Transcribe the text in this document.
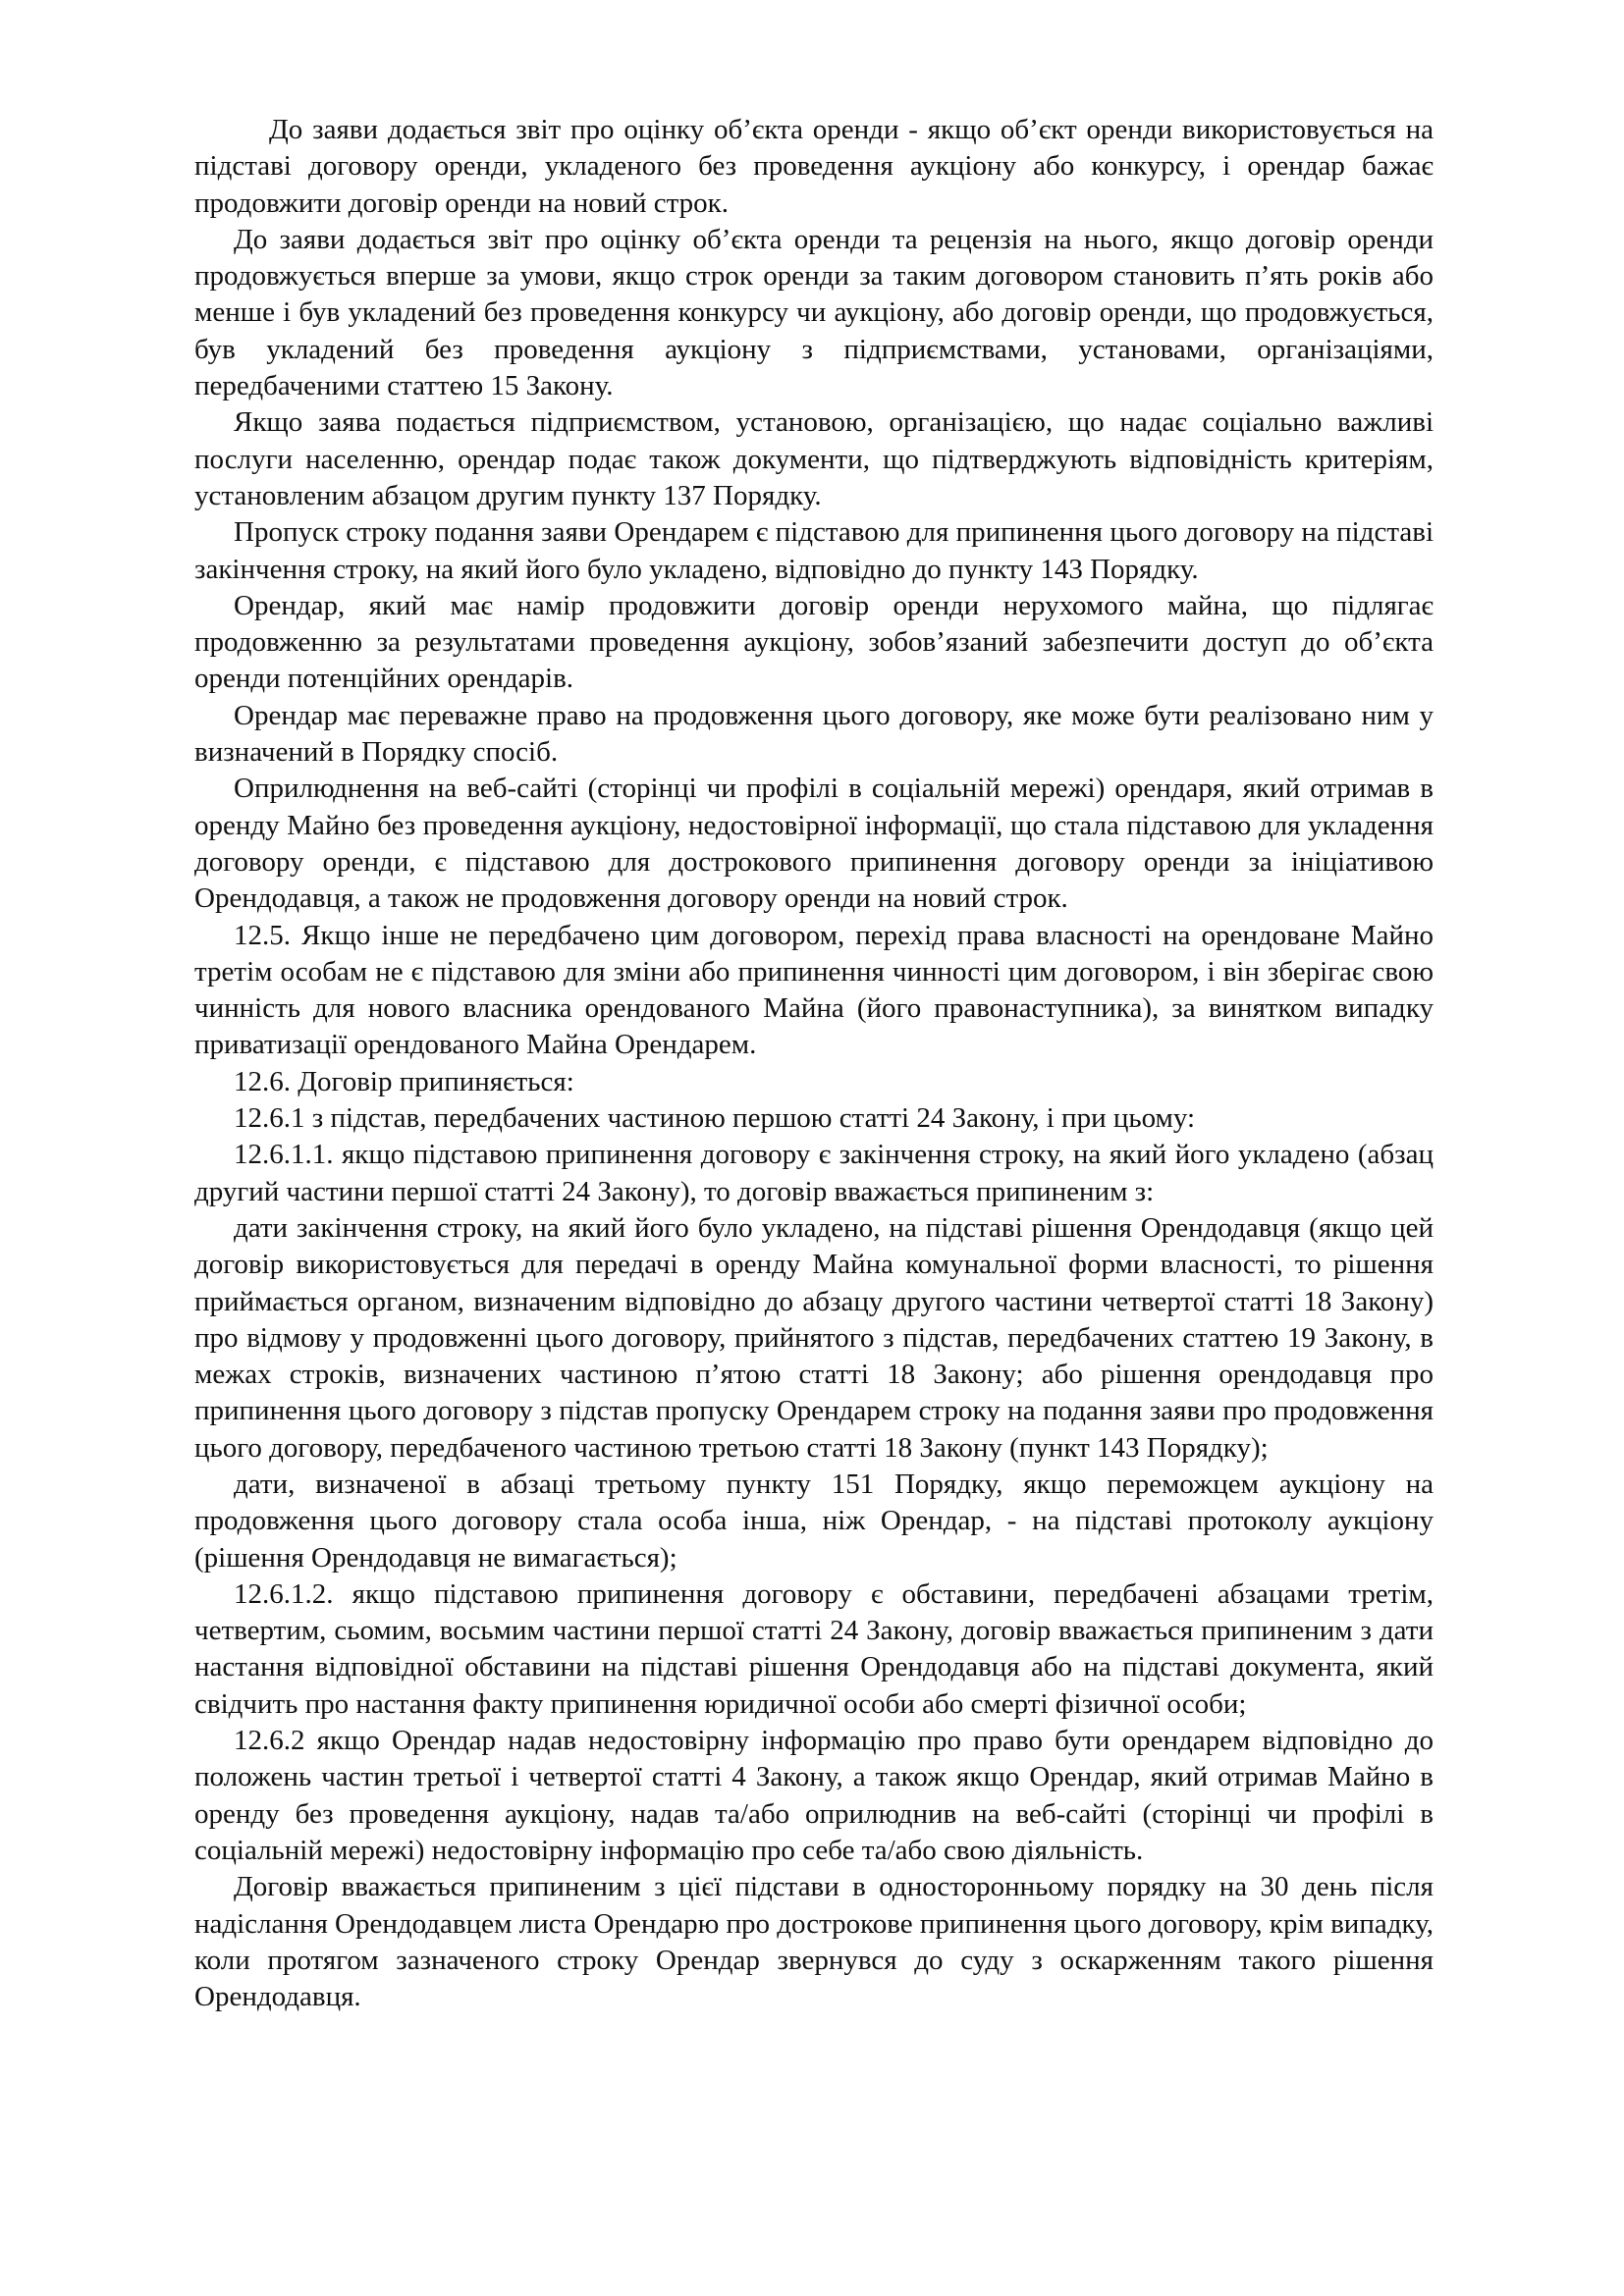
До заяви додається звіт про оцінку об’єкта оренди - якщо об’єкт оренди використовується на підставі договору оренди, укладеного без проведення аукціону або конкурсу, і орендар бажає продовжити договір оренди на новий строк.

До заяви додається звіт про оцінку об’єкта оренди та рецензія на нього, якщо договір оренди продовжується вперше за умови, якщо строк оренди за таким договором становить п’ять років або менше і був укладений без проведення конкурсу чи аукціону, або договір оренди, що продовжується, був укладений без проведення аукціону з підприємствами, установами, організаціями, передбаченими статтею 15 Закону.

Якщо заява подається підприємством, установою, організацією, що надає соціально важливі послуги населенню, орендар подає також документи, що підтверджують відповідність критеріям, установленим абзацом другим пункту 137 Порядку.

Пропуск строку подання заяви Орендарем є підставою для припинення цього договору на підставі закінчення строку, на який його було укладено, відповідно до пункту 143 Порядку.

Орендар, який має намір продовжити договір оренди нерухомого майна, що підлягає продовженню за результатами проведення аукціону, зобов’язаний забезпечити доступ до об’єкта оренди потенційних орендарів.

Орендар має переважне право на продовження цього договору, яке може бути реалізовано ним у визначений в Порядку спосіб.

Оприлюднення на веб-сайті (сторінці чи профілі в соціальній мережі) орендаря, який отримав в оренду Майно без проведення аукціону, недостовірної інформації, що стала підставою для укладення договору оренди, є підставою для дострокового припинення договору оренди за ініціативою Орендодавця, а також не продовження договору оренди на новий строк.

12.5. Якщо інше не передбачено цим договором, перехід права власності на орендоване Майно третім особам не є підставою для зміни або припинення чинності цим договором, і він зберігає свою чинність для нового власника орендованого Майна (його правонаступника), за винятком випадку приватизації орендованого Майна Орендарем.

12.6. Договір припиняється:

12.6.1 з підстав, передбачених частиною першою статті 24 Закону, і при цьому:

12.6.1.1. якщо підставою припинення договору є закінчення строку, на який його укладено (абзац другий частини першої статті 24 Закону), то договір вважається припиненим з:

дати закінчення строку, на який його було укладено, на підставі рішення Орендодавця (якщо цей договір використовується для передачі в оренду Майна комунальної форми власності, то рішення приймається органом, визначеним відповідно до абзацу другого частини четвертої статті 18 Закону) про відмову у продовженні цього договору, прийнятого з підстав, передбачених статтею 19 Закону, в межах строків, визначених частиною п’ятою статті 18 Закону; або рішення орендодавця про припинення цього договору з підстав пропуску Орендарем строку на подання заяви про продовження цього договору, передбаченого частиною третьою статті 18 Закону (пункт 143 Порядку);

дати, визначеної в абзаці третьому пункту 151 Порядку, якщо переможцем аукціону на продовження цього договору стала особа інша, ніж Орендар, - на підставі протоколу аукціону (рішення Орендодавця не вимагається);

12.6.1.2. якщо підставою припинення договору є обставини, передбачені абзацами третім, четвертим, сьомим, восьмим частини першої статті 24 Закону, договір вважається припиненим з дати настання відповідної обставини на підставі рішення Орендодавця або на підставі документа, який свідчить про настання факту припинення юридичної особи або смерті фізичної особи;

12.6.2 якщо Орендар надав недостовірну інформацію про право бути орендарем відповідно до положень частин третьої і четвертої статті 4 Закону, а також якщо Орендар, який отримав Майно в оренду без проведення аукціону, надав та/або оприлюднив на веб-сайті (сторінці чи профілі в соціальній мережі) недостовірну інформацію про себе та/або свою діяльність.

Договір вважається припиненим з цієї підстави в односторонньому порядку на 30 день після надіслання Орендодавцем листа Орендарю про дострокове припинення цього договору, крім випадку, коли протягом зазначеного строку Орендар звернувся до суду з оскарженням такого рішення Орендодавця.
